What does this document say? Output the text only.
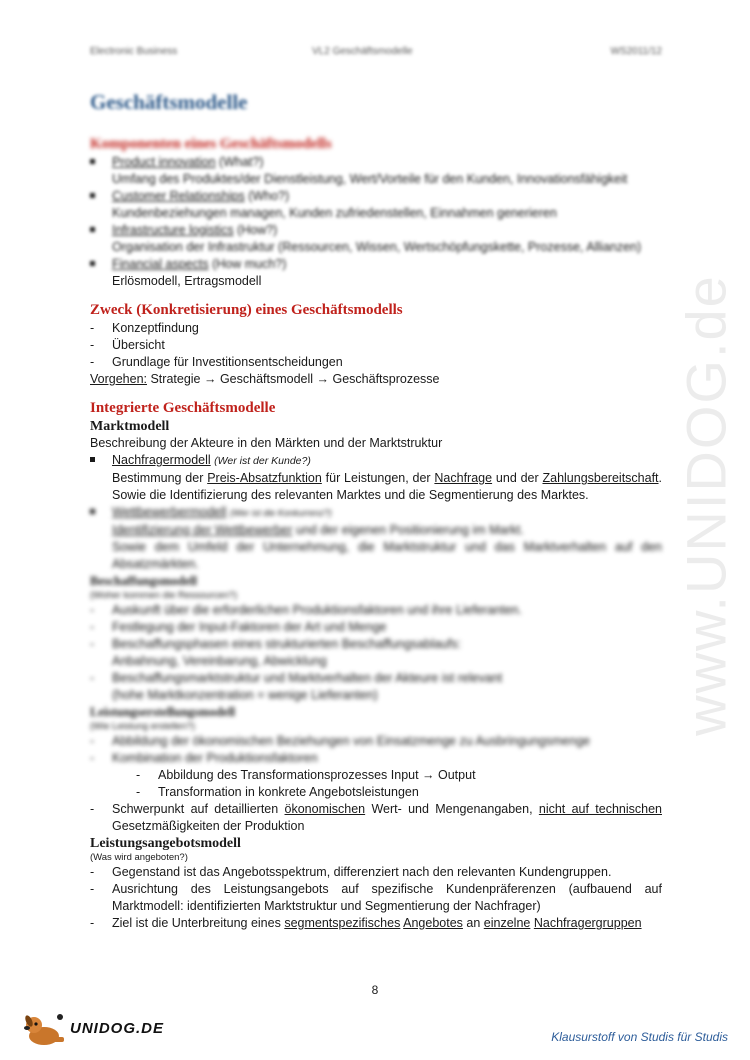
Electronic Business	VL2 Geschäftsmodelle	WS2011/12
Geschäftsmodelle
www.UNIDOG.de
Komponenten eines Geschäftsmodells
Product innovation (What?)
Umfang des Produktes/der Dienstleistung, Wert/Vorteile für den Kunden, Innovationsfähigkeit
Customer Relationships (Who?)
Kundenbeziehungen managen, Kunden zufriedenstellen, Einnahmen generieren
Infrastructure logistics (How?)
Organisation der Infrastruktur (Ressourcen, Wissen, Wertschöpfungskette, Prozesse, Allianzen)
Financial aspects (How much?)
Erlösmodell, Ertragsmodell
Zweck (Konkretisierung) eines Geschäftsmodells
-	Konzeptfindung
-	Übersicht
-	Grundlage für Investitionsentscheidungen
Vorgehen: Strategie → Geschäftsmodell → Geschäftsprozesse
Integrierte Geschäftsmodelle
Marktmodell
Beschreibung der Akteure in den Märkten und der Marktstruktur
Nachfragermodell (Wer ist der Kunde?)
Bestimmung der Preis-Absatzfunktion für Leistungen, der Nachfrage und der Zahlungsbereitschaft. Sowie die Identifizierung des relevanten Marktes und die Segmentierung des Marktes.
Wettbewerbermodell (Wer ist die Konkurrenz?)
Identifizierung der Wettbewerber und der eigenen Positionierung im Markt.
Sowie dem Umfeld der Unternehmung, die Marktstruktur und das Marktverhalten auf den Absatzmärkten.
Beschaffungsmodell
(Woher kommen die Ressourcen?)
-	Auskunft über die erforderlichen Produktionsfaktoren und ihre Lieferanten.
-	Festlegung der Input-Faktoren der Art und Menge
-	Beschaffungsphasen eines strukturierten Beschaffungsablaufs:
Anbahnung, Vereinbarung, Abwicklung
-	Beschaffungsmarktstruktur und Marktverhalten der Akteure ist relevant
(hohe Marktkonzentration = wenige Lieferanten)
Leistungserstellungsmodell
(Wie Leistung erstellen?)
-	Abbildung der ökonomischen Beziehungen von Einsatzmenge zu Ausbringungsmenge
-	Kombination der Produktionsfaktoren
-	Abbildung des Transformationsprozesses Input → Output
-	Transformation in konkrete Angebotsleistungen
-	Schwerpunkt auf detaillierten ökonomischen Wert- und Mengenangaben, nicht auf technischen Gesetzmäßigkeiten der Produktion
Leistungsangebotsmodell
(Was wird angeboten?)
-	Gegenstand ist das Angebotsspektrum, differenziert nach den relevanten Kundengruppen.
-	Ausrichtung des Leistungsangebots auf spezifische Kundenpräferenzen (aufbauend auf Marktmodell: identifizierten Marktstruktur und Segmentierung der Nachfrager)
-	Ziel ist die Unterbreitung eines segmentspezifisches Angebotes an einzelne Nachfragergruppen
8
UNIDOG.DE	Klausurstoff von Studis für Studis
